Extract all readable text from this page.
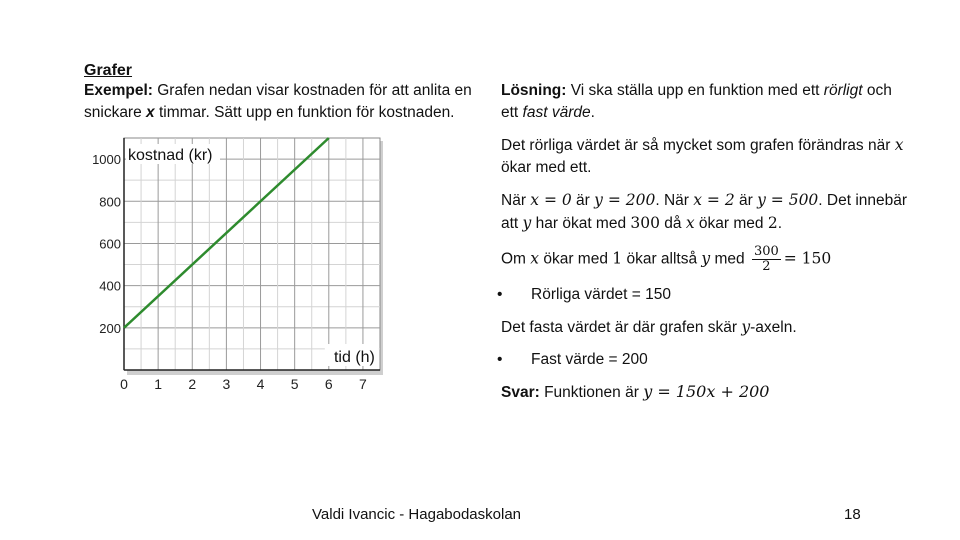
Grafer

Exempel: Grafen nedan visar kostnaden för att anlita en

snickare x timmar. Sätt upp en funktion för kostnaden.

200
400
600
800
1000
0 1 2 3 4 5 6 7
kostnad (kr)
tid (h)

Lösning: Vi ska ställa upp en funktion med ett rörligt och
ett fast värde.

Det rörliga värdet är så mycket som grafen förändras när x
ökar med ett.

När x = 0 är y = 200. När x = 2 är y = 500. Det innebär
att y har ökat med 300 då x ökar med 2.

Om x ökar med 1 ökar alltså y med $\frac{300}{2} = 150$

• Rörliga värdet = 150

Det fasta värdet är där grafen skär y-axeln.

• Fast värde = 200

Svar: Funktionen är y = 150x + 200

Valdi Ivancic - Hagabodaskolan	18
